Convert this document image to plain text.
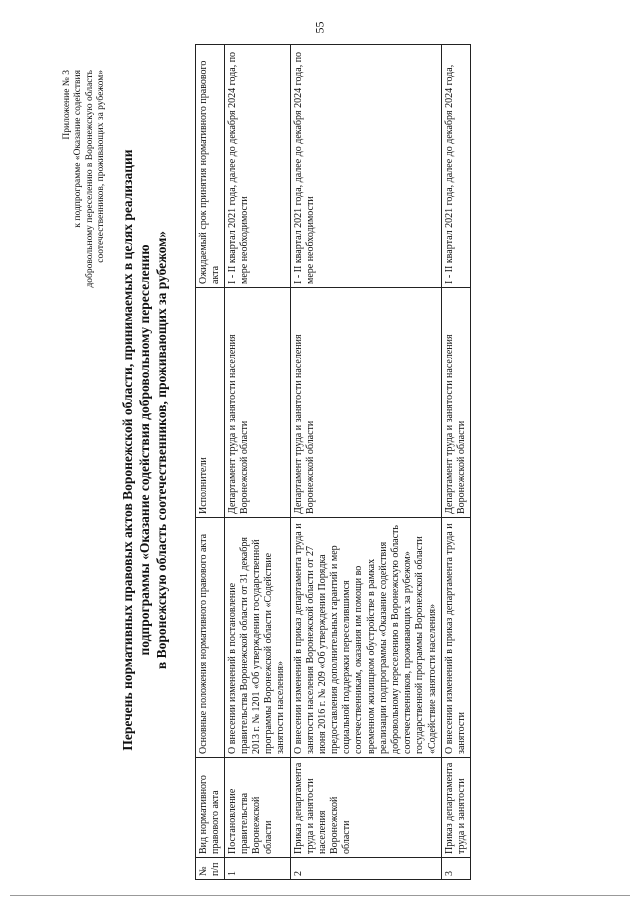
55
Приложение № 3 к подпрограмме «Оказание содействия добровольному переселению в Воронежскую область соотечественников, проживающих за рубежом» Перечень нормативных правовых актов Воронежской области, принимаемых в целях реализации подпрограммы «Оказание содействия добровольному переселению в Воронежскую область соотечественников, проживающих за рубежом»
№ п/п	Вид нормативного правового акта	Основные положения нормативного правового акта	Исполнители	Ожидаемый срок принятия нормативного правового акта
1	Постановление правительства Воронежской области	О внесении изменений в постановление правительства Воронежской области от 31 декабря 2013 г. № 1201 «Об утверждении государственной программы Воронежской области «Содействие занятости населения»	Департамент труда и занятости населения Воронежской области	I - II квартал 2021 года, далее до декабря 2024 года, по мере необходимости
2	Приказ департамента труда и занятости населения Воронежской области	О внесении изменений в приказ департамента труда и занятости населения Воронежской области от 27 июня 2016 г. № 209 «Об утверждении Порядка предоставления дополнительных гарантий и мер социальной поддержки переселившимся соотечественникам, оказания им помощи во временном жилищном обустройстве в рамках реализации подпрограммы «Оказание содействия добровольному переселению в Воронежскую область соотечественников, проживающих за рубежом» государственной программы Воронежской области «Содействие занятости населения»	Департамент труда и занятости населения Воронежской области	I - II квартал 2021 года, далее до декабря 2024 года, по мере необходимости
3	Приказ департамента труда и занятости	О внесении изменений в приказ департамента труда и занятости	Департамент труда и занятости населения Воронежской области	I - II квартал 2021 года, далее до декабря 2024 года,
